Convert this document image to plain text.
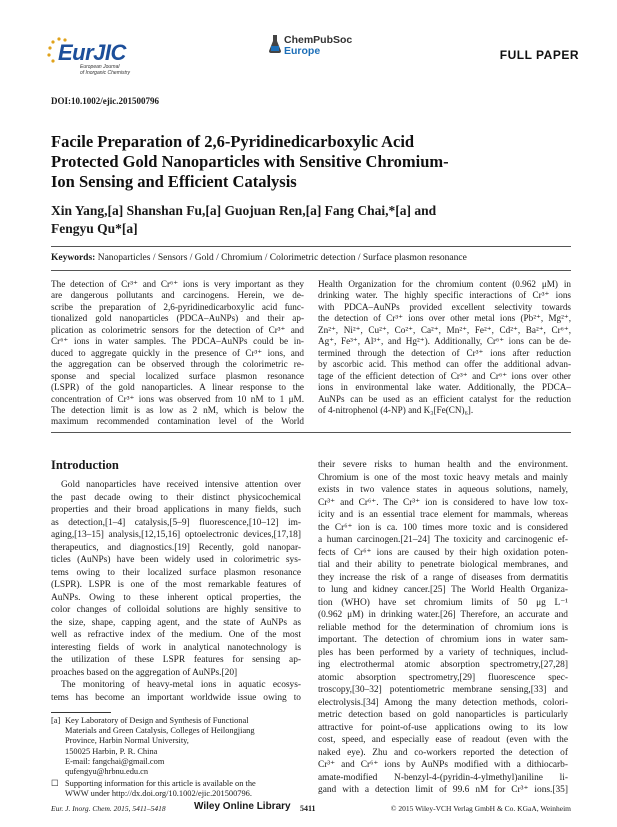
EurJIC
European Journal
of Inorganic Chemistry
ChemPubSoc
Europe	FULL PAPER
DOI:10.1002/ejic.201500796
Facile Preparation of 2,6-Pyridinedicarboxylic Acid
Protected Gold Nanoparticles with Sensitive Chromium-
Ion Sensing and Efficient Catalysis
Xin Yang,[a] Shanshan Fu,[a] Guojuan Ren,[a] Fang Chai,*[a] and
Fengyu Qu*[a]
Keywords: Nanoparticles / Sensors / Gold / Chromium / Colorimetric detection / Surface plasmon resonance
The detection of Cr³⁺ and Cr⁶⁺ ions is very important as they
are dangerous pollutants and carcinogens. Herein, we de-
scribe the preparation of 2,6-pyridinedicarboxylic acid func-
tionalized gold nanoparticles (PDCA–AuNPs) and their ap-
plication as colorimetric sensors for the detection of Cr³⁺ and
Cr⁶⁺ ions in water samples. The PDCA–AuNPs could be in-
duced to aggregate quickly in the presence of Cr³⁺ ions, and
the aggregation can be observed through the colorimetric re-
sponse and special localized surface plasmon resonance
(LSPR) of the gold nanoparticles. A linear response to the
concentration of Cr³⁺ ions was observed from 10 nM to 1 μM.
The detection limit is as low as 2 nM, which is below the
maximum recommended contamination level of the World
Health Organization for the chromium content (0.962 μM) in
drinking water. The highly specific interactions of Cr³⁺ ions
with PDCA–AuNPs provided excellent selectivity towards
the detection of Cr³⁺ ions over other metal ions (Pb²⁺, Mg²⁺,
Zn²⁺, Ni²⁺, Cu²⁺, Co²⁺, Ca²⁺, Mn²⁺, Fe²⁺, Cd²⁺, Ba²⁺, Cr⁶⁺,
Ag⁺, Fe³⁺, Al³⁺, and Hg²⁺). Additionally, Cr⁶⁺ ions can be de-
termined through the detection of Cr³⁺ ions after reduction
by ascorbic acid. This method can offer the additional advan-
tage of the efficient detection of Cr³⁺ and Cr⁶⁺ ions over other
ions in environmental lake water. Additionally, the PDCA–
AuNPs can be used as an efficient catalyst for the reduction
of 4-nitrophenol (4-NP) and K₃[Fe(CN)₆].
Introduction
Gold nanoparticles have received intensive attention over
the past decade owing to their distinct physicochemical
properties and their broad applications in many fields, such
as detection,[1–4] catalysis,[5–9] fluorescence,[10–12] im-
aging,[13–15] analysis,[12,15,16] optoelectronic devices,[17,18]
therapeutics, and diagnostics.[19] Recently, gold nanopar-
ticles (AuNPs) have been widely used in colorimetric sys-
tems owing to their localized surface plasmon resonance
(LSPR). LSPR is one of the most remarkable features of
AuNPs. Owing to these inherent optical properties, the
color changes of colloidal solutions are highly sensitive to
the size, shape, capping agent, and the state of AuNPs as
well as refractive index of the medium. One of the most
interesting fields of work in analytical nanotechnology is
the utilization of these LSPR features for sensing ap-
proaches based on the aggregation of AuNPs.[20]
The monitoring of heavy-metal ions in aquatic ecosys-
tems has become an important worldwide issue owing to
their severe risks to human health and the environment.
Chromium is one of the most toxic heavy metals and mainly
exists in two valence states in aqueous solutions, namely,
Cr³⁺ and Cr⁶⁺. The Cr³⁺ ion is considered to have low tox-
icity and is an essential trace element for mammals, whereas
the Cr⁶⁺ ion is ca. 100 times more toxic and is considered
a human carcinogen.[21–24] The toxicity and carcinogenic ef-
fects of Cr⁶⁺ ions are caused by their high oxidation poten-
tial and their ability to penetrate biological membranes, and
they increase the risk of a range of diseases from dermatitis
to lung and kidney cancer.[25] The World Health Organiza-
tion (WHO) have set chromium limits of 50 μg L⁻¹
(0.962 μM) in drinking water.[26] Therefore, an accurate and
reliable method for the determination of chromium ions is
important. The detection of chromium ions in water sam-
ples has been performed by a variety of techniques, includ-
ing electrothermal atomic absorption spectrometry,[27,28]
atomic absorption spectrometry,[29] fluorescence spec-
troscopy,[30–32] potentiometric membrane sensing,[33] and
electrolysis.[34] Among the many detection methods, colori-
metric detection based on gold nanoparticles is particularly
attractive for point-of-use applications owing to its low
cost, speed, and especially ease of readout (even with the
naked eye). Zhu and co-workers reported the detection of
Cr³⁺ and Cr⁶⁺ ions by AuNPs modified with a dithiocarb-
amate-modified N-benzyl-4-(pyridin-4-ylmethyl)aniline li-
gand with a detection limit of 99.6 nM for Cr³⁺ ions.[35]
[a] Key Laboratory of Design and Synthesis of Functional
Materials and Green Catalysis, Colleges of Heilongjiang
Province, Harbin Normal University,
150025 Harbin, P. R. China
E-mail: fangchai@gmail.com
qufengyu@hrbnu.edu.cn
☐ Supporting information for this article is available on the
WWW under http://dx.doi.org/10.1002/ejic.201500796.
Eur. J. Inorg. Chem. 2015, 5411–5418	Wiley Online Library 5411	© 2015 Wiley-VCH Verlag GmbH & Co. KGaA, Weinheim
